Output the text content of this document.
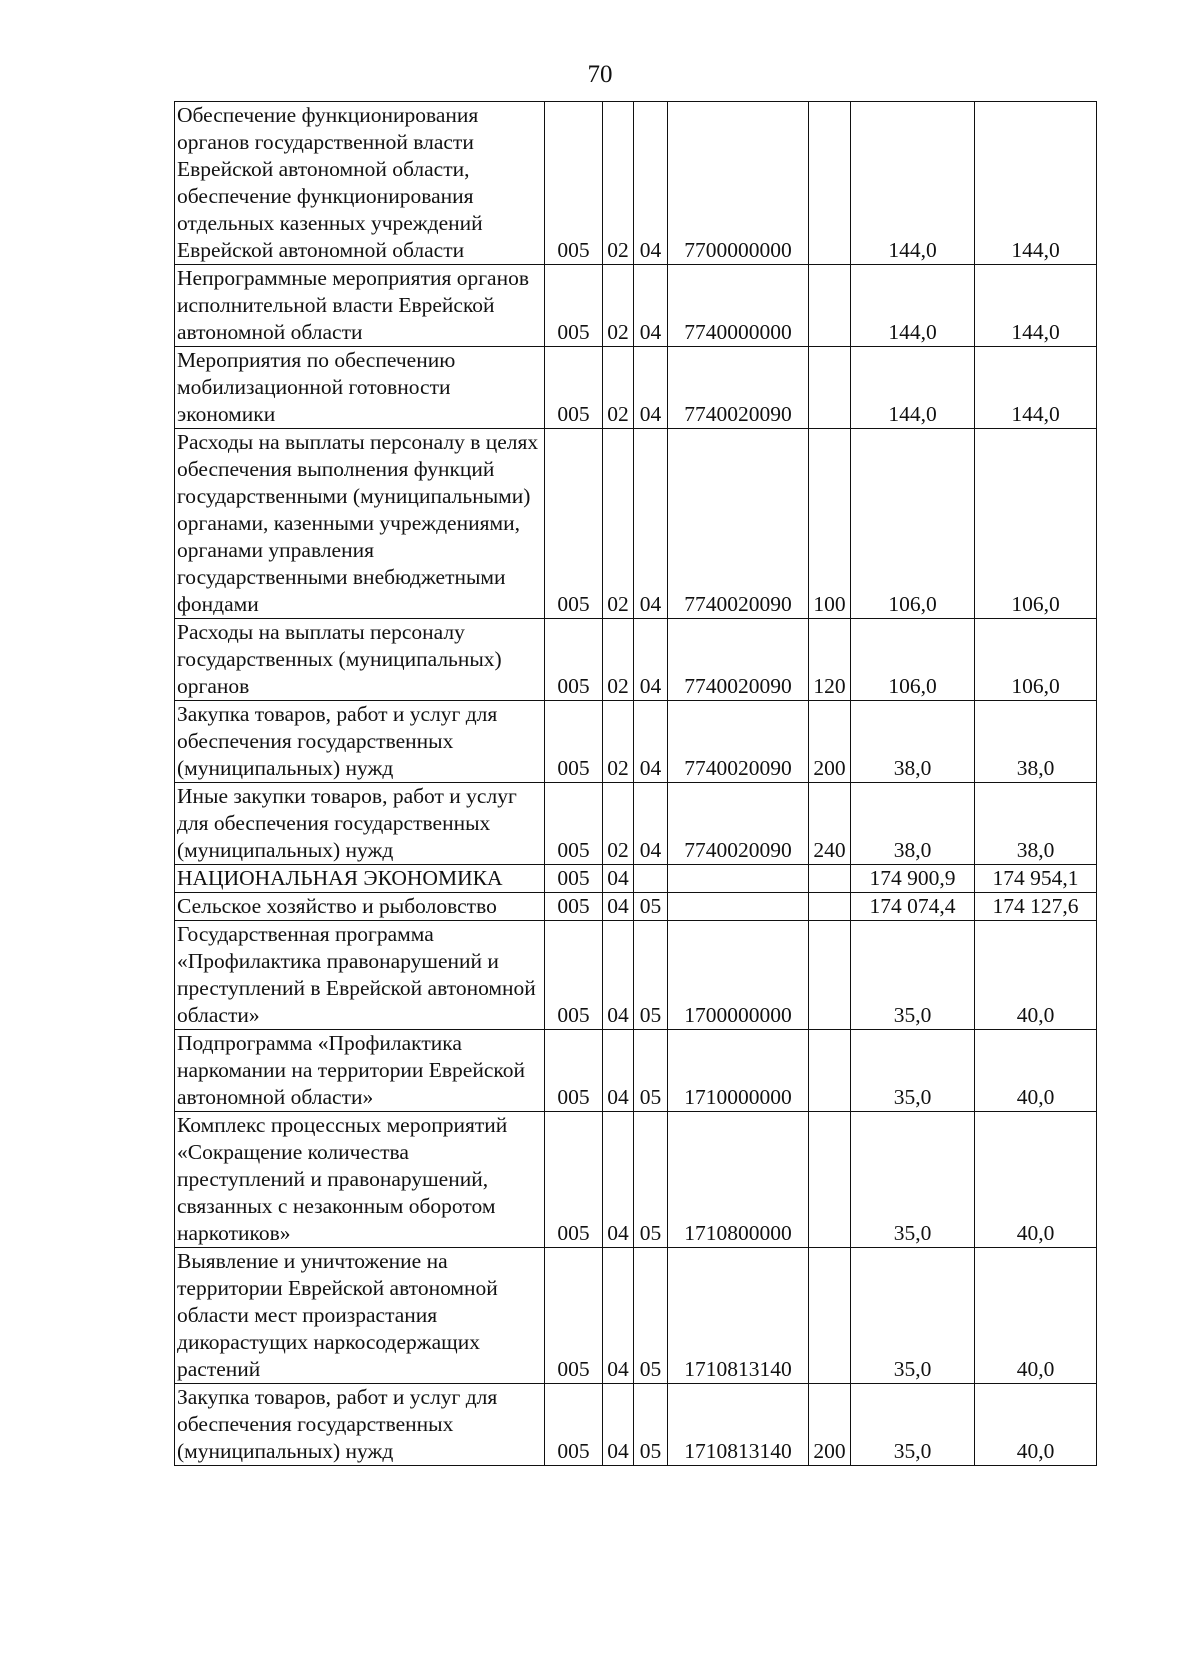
70
Обеспечение функционирования органов государственной власти Еврейской автономной области, обеспечение функционирования отдельных казенных учреждений Еврейской автономной области	005	02	04	7700000000		144,0	144,0
Непрограммные мероприятия органов исполнительной власти Еврейской автономной области	005	02	04	7740000000		144,0	144,0
Мероприятия по обеспечению мобилизационной готовности экономики	005	02	04	7740020090		144,0	144,0
Расходы на выплаты персоналу в целях обеспечения выполнения функций государственными (муниципальными) органами, казенными учреждениями, органами управления государственными внебюджетными фондами	005	02	04	7740020090	100	106,0	106,0
Расходы на выплаты персоналу государственных (муниципальных) органов	005	02	04	7740020090	120	106,0	106,0
Закупка товаров, работ и услуг для обеспечения государственных (муниципальных) нужд	005	02	04	7740020090	200	38,0	38,0
Иные закупки товаров, работ и услуг для обеспечения государственных (муниципальных) нужд	005	02	04	7740020090	240	38,0	38,0
НАЦИОНАЛЬНАЯ ЭКОНОМИКА	005	04				174 900,9	174 954,1
Сельское хозяйство и рыболовство	005	04	05			174 074,4	174 127,6
Государственная программа «Профилактика правонарушений и преступлений в Еврейской автономной области»	005	04	05	1700000000		35,0	40,0
Подпрограмма «Профилактика наркомании на территории Еврейской автономной области»	005	04	05	1710000000		35,0	40,0
Комплекс процессных мероприятий «Сокращение количества преступлений и правонарушений, связанных с незаконным оборотом наркотиков»	005	04	05	1710800000		35,0	40,0
Выявление и уничтожение на территории Еврейской автономной области мест произрастания дикорастущих наркосодержащих растений	005	04	05	1710813140		35,0	40,0
Закупка товаров, работ и услуг для обеспечения государственных (муниципальных) нужд	005	04	05	1710813140	200	35,0	40,0
